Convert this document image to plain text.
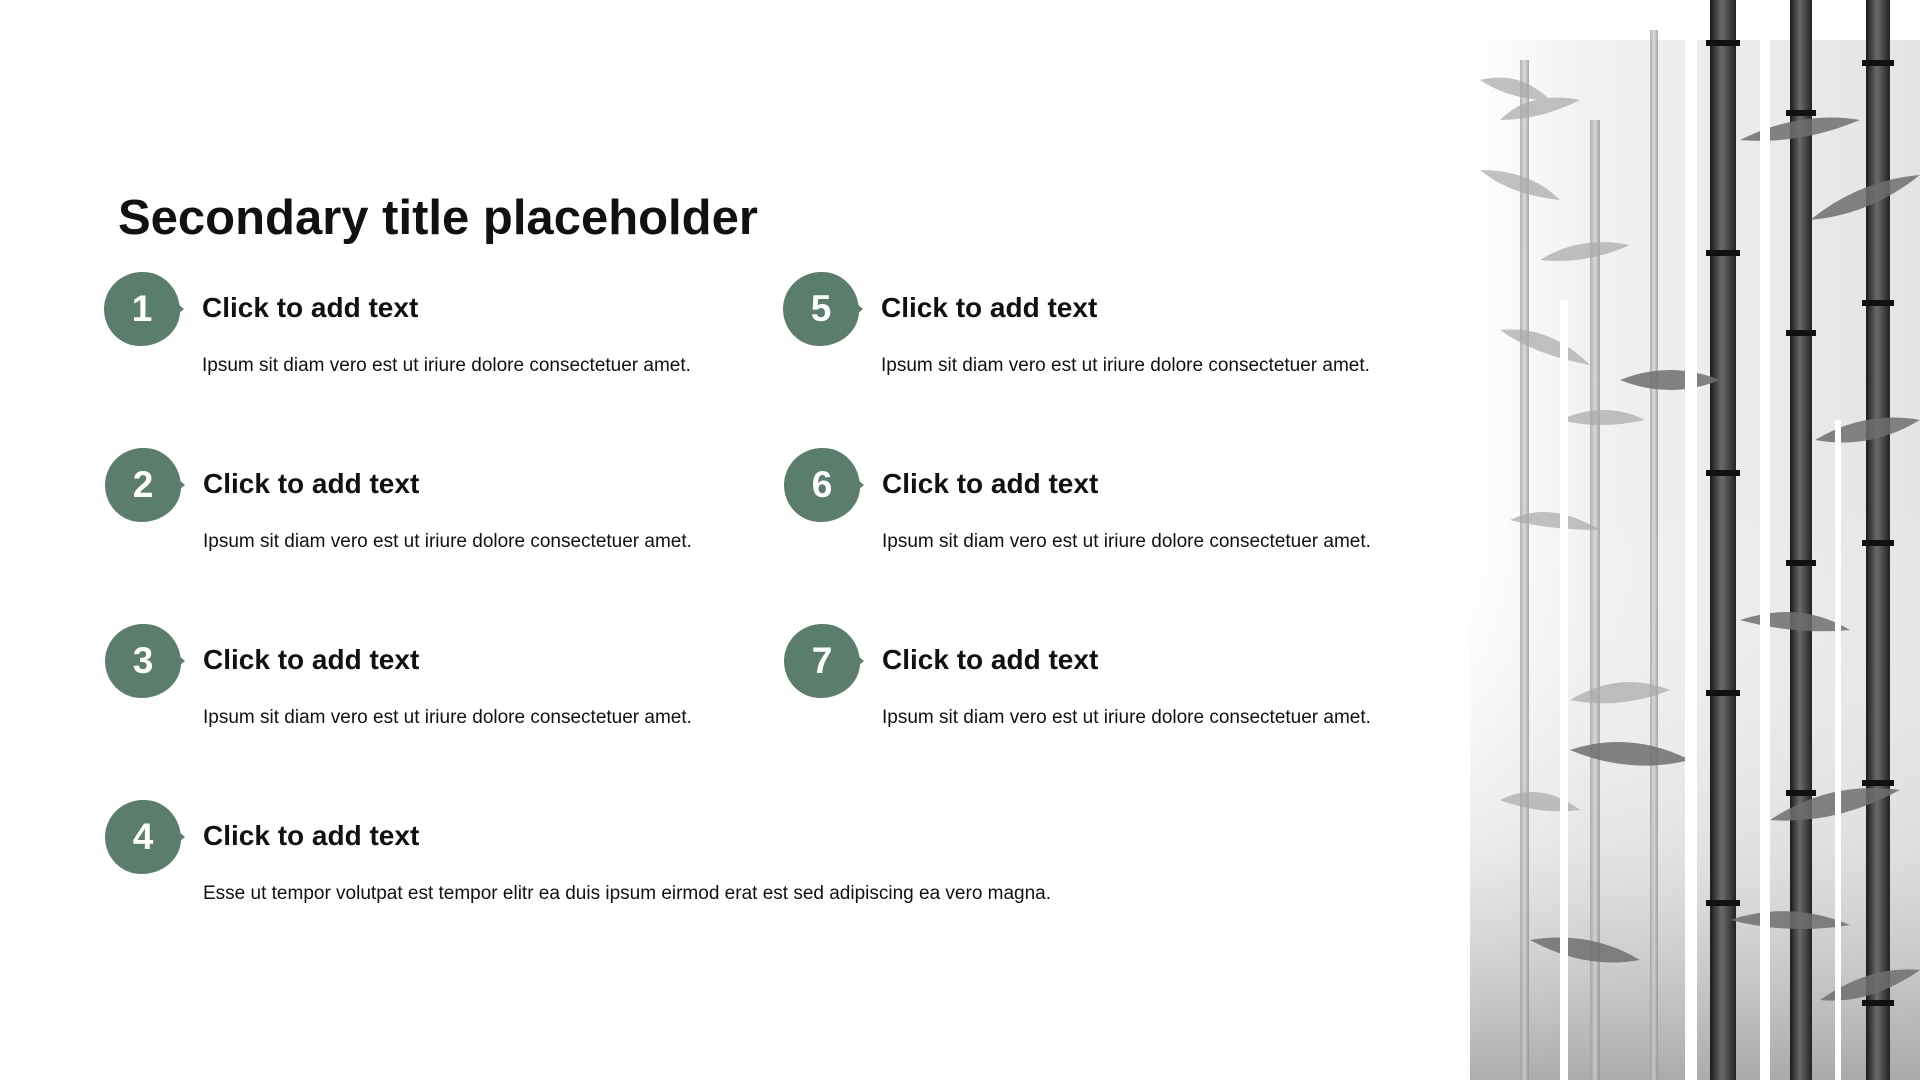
Secondary title placeholder
1	Click to add text

Ipsum sit diam vero est ut iriure dolore consectetuer amet.

2	Click to add text

Ipsum sit diam vero est ut iriure dolore consectetuer amet.

3	Click to add text

Ipsum sit diam vero est ut iriure dolore consectetuer amet.

4	Click to add text

Esse ut tempor volutpat est tempor elitr ea duis ipsum eirmod erat est sed adipiscing ea vero magna.

5	Click to add text

Ipsum sit diam vero est ut iriure dolore consectetuer amet.

6	Click to add text

Ipsum sit diam vero est ut iriure dolore consectetuer amet.

7	Click to add text

Ipsum sit diam vero est ut iriure dolore consectetuer amet.
